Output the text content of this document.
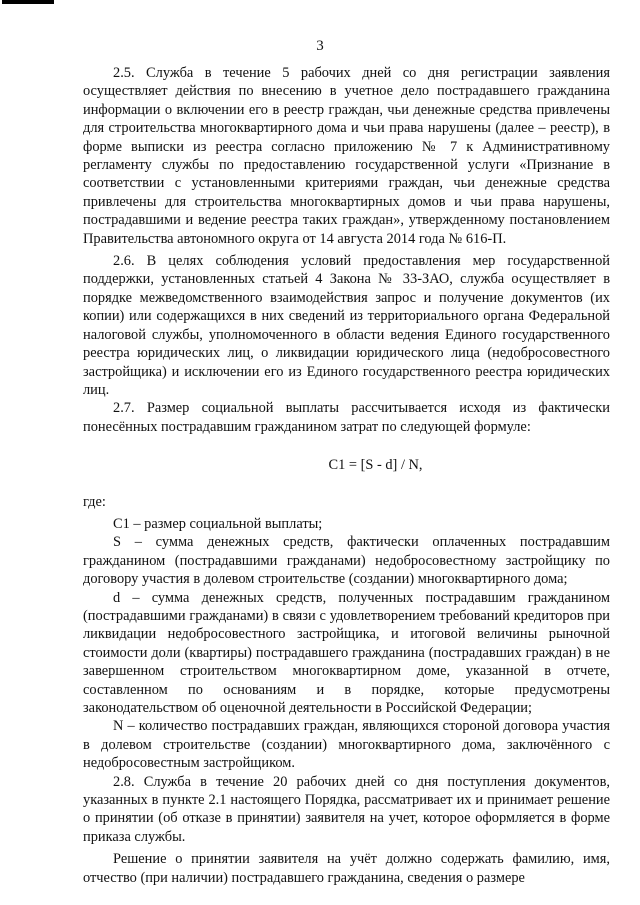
3

2.5. Служба в течение 5 рабочих дней со дня регистрации заявления осуществляет действия по внесению в учетное дело пострадавшего гражданина информации о включении его в реестр граждан, чьи денежные средства привлечены для строительства многоквартирного дома и чьи права нарушены (далее – реестр), в форме выписки из реестра согласно приложению № 7 к Административному регламенту службы по предоставлению государственной услуги «Признание в соответствии с установленными критериями граждан, чьи денежные средства привлечены для строительства многоквартирных домов и чьи права нарушены, пострадавшими и ведение реестра таких граждан», утвержденному постановлением Правительства автономного округа от 14 августа 2014 года № 616-П.

2.6. В целях соблюдения условий предоставления мер государственной поддержки, установленных статьей 4 Закона № 33-ЗАО, служба осуществляет в порядке межведомственного взаимодействия запрос и получение документов (их копии) или содержащихся в них сведений из территориального органа Федеральной налоговой службы, уполномоченного в области ведения Единого государственного реестра юридических лиц, о ликвидации юридического лица (недобросовестного застройщика) и исключении его из Единого государственного реестра юридических лиц.

2.7. Размер социальной выплаты рассчитывается исходя из фактически понесённых пострадавшим гражданином затрат по следующей формуле:

С1 = [S - d] / N,

где:

С1 – размер социальной выплаты;

S – сумма денежных средств, фактически оплаченных пострадавшим гражданином (пострадавшими гражданами) недобросовестному застройщику по договору участия в долевом строительстве (создании) многоквартирного дома;

d – сумма денежных средств, полученных пострадавшим гражданином (пострадавшими гражданами) в связи с удовлетворением требований кредиторов при ликвидации недобросовестного застройщика, и итоговой величины рыночной стоимости доли (квартиры) пострадавшего гражданина (пострадавших граждан) в не завершенном строительством многоквартирном доме, указанной в отчете, составленном по основаниям и в порядке, которые предусмотрены законодательством об оценочной деятельности в Российской Федерации;

N – количество пострадавших граждан, являющихся стороной договора участия в долевом строительстве (создании) многоквартирного дома, заключённого с недобросовестным застройщиком.

2.8. Служба в течение 20 рабочих дней со дня поступления документов, указанных в пункте 2.1 настоящего Порядка, рассматривает их и принимает решение о принятии (об отказе в принятии) заявителя на учет, которое оформляется в форме приказа службы.

Решение о принятии заявителя на учёт должно содержать фамилию, имя, отчество (при наличии) пострадавшего гражданина, сведения о размере
